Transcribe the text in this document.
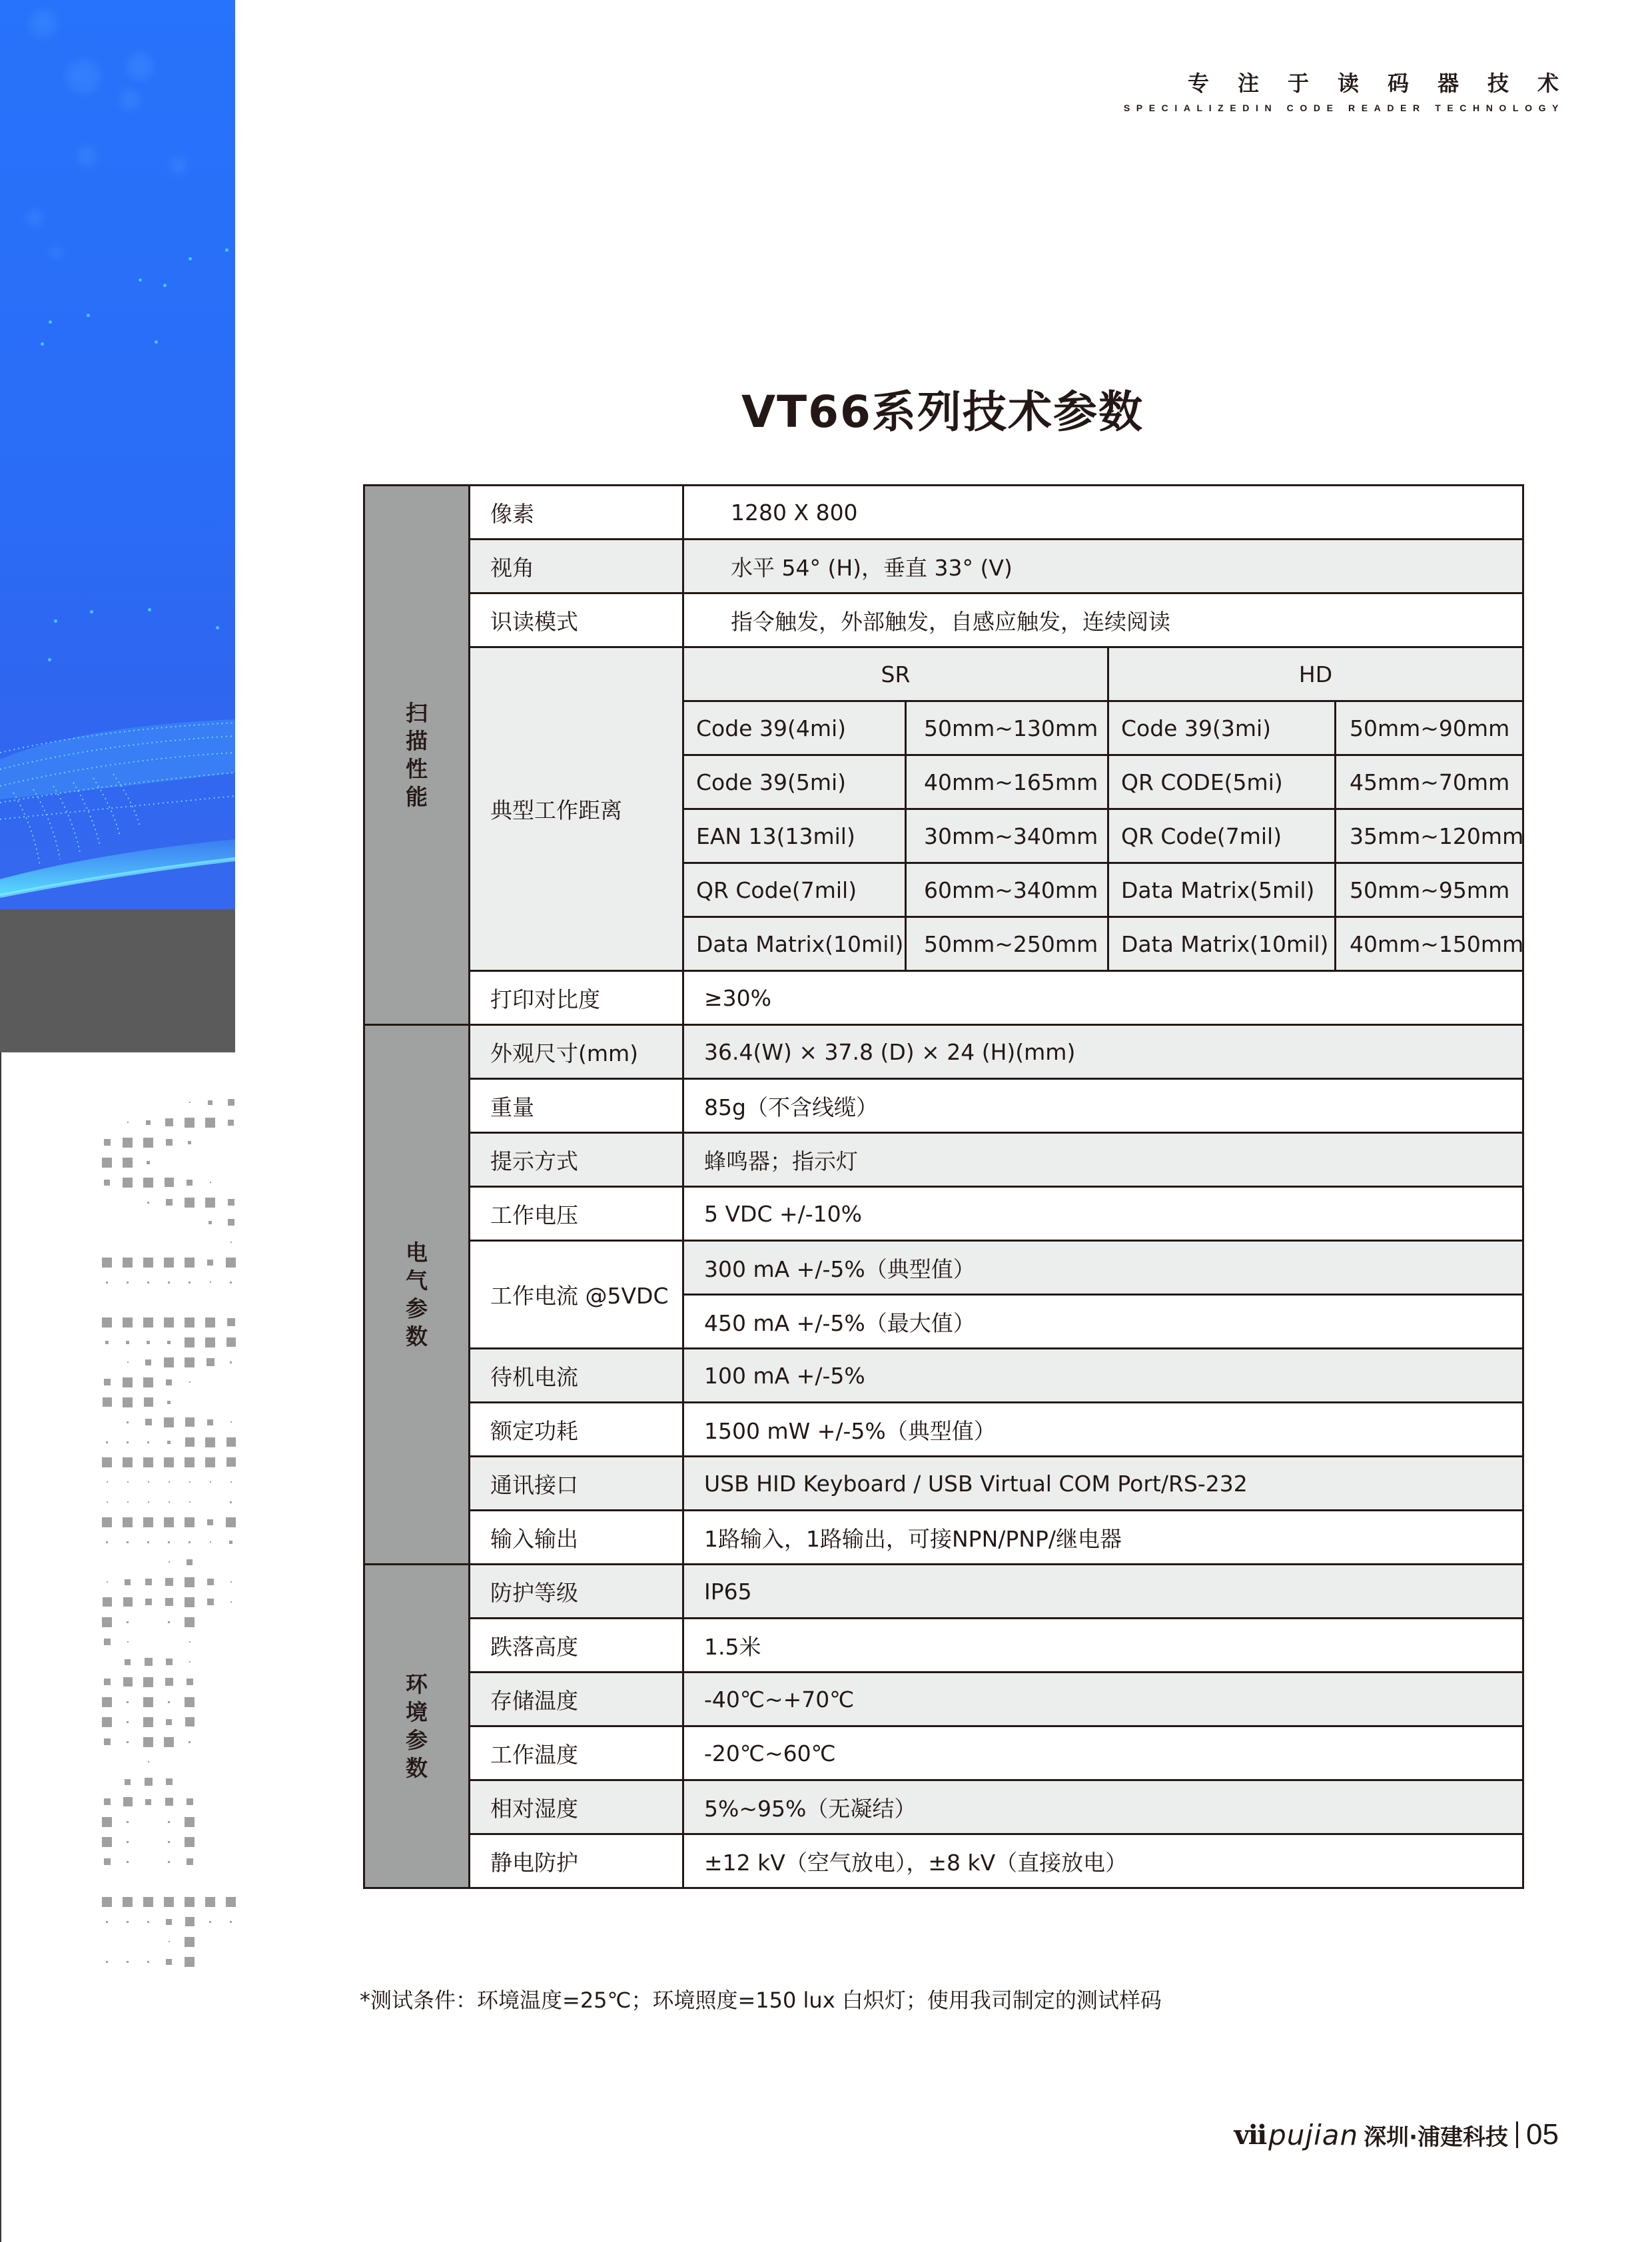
专注于读码器技术
SPECIALIZEDIN CODE READER TECHNOLOGY
VT66系列技术参数
扫描性能	像素	1280 X 800			
	视角	水平 54° (H)，垂直 33° (V)			
	识读模式	指令触发，外部触发，自感应触发，连续阅读			
	典型工作距离	SR		HD	
		Code 39(4mi)	50mm~130mm	Code 39(3mi)	50mm~90mm
		Code 39(5mi)	40mm~165mm	QR CODE(5mi)	45mm~70mm
		EAN 13(13mil)	30mm~340mm	QR Code(7mil)	35mm~120mm
		QR Code(7mil)	60mm~340mm	Data Matrix(5mil)	50mm~95mm
		Data Matrix(10mil)	50mm~250mm	Data Matrix(10mil)	40mm~150mm
	打印对比度	≥30%			
电气参数	外观尺寸(mm)	36.4(W) × 37.8 (D) × 24 (H)(mm)			
	重量	85g（不含线缆）			
	提示方式	蜂鸣器；指示灯			
	工作电压	5 VDC +/-10%			
	工作电流 @5VDC	300 mA +/-5%（典型值）			
		450 mA +/-5%（最大值）			
	待机电流	100 mA +/-5%			
	额定功耗	1500 mW +/-5%（典型值）			
	通讯接口	USB HID Keyboard / USB Virtual COM Port/RS-232			
	输入输出	1路输入，1路输出，可接NPN/PNP/继电器			
环境参数	防护等级	IP65			
	跌落高度	1.5米			
	存储温度	-40℃~+70℃			
	工作温度	-20℃~60℃			
	相对湿度	5%~95%（无凝结）			
	静电防护	±12 kV（空气放电），±8 kV（直接放电）			
*测试条件：环境温度=25℃；环境照度=150 lux 白炽灯；使用我司制定的测试样码
vii pujian 深圳·浦建科技 05
